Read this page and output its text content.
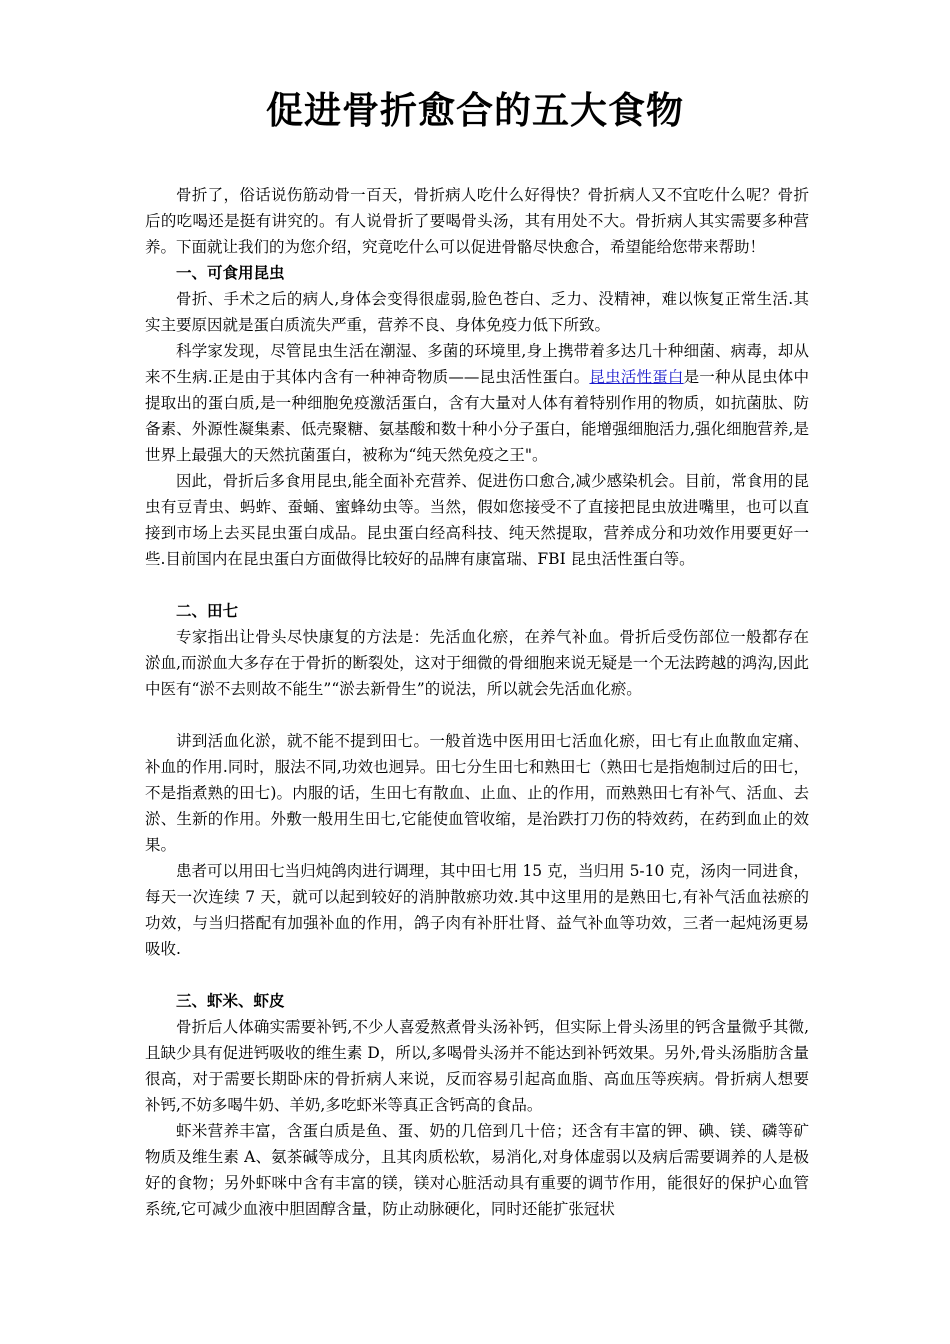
促进骨折愈合的五大食物

骨折了，俗话说伤筋动骨一百天，骨折病人吃什么好得快？骨折病人又不宜吃什么呢？骨折后的吃喝还是挺有讲究的。有人说骨折了要喝骨头汤，其有用处不大。骨折病人其实需要多种营养。下面就让我们的为您介绍，究竟吃什么可以促进骨骼尽快愈合，希望能给您带来帮助！

一、可食用昆虫

骨折、手术之后的病人,身体会变得很虚弱,脸色苍白、乏力、没精神，难以恢复正常生活.其实主要原因就是蛋白质流失严重，营养不良、身体免疫力低下所致。

科学家发现，尽管昆虫生活在潮湿、多菌的环境里,身上携带着多达几十种细菌、病毒，却从来不生病.正是由于其体内含有一种神奇物质——昆虫活性蛋白。昆虫活性蛋白是一种从昆虫体中提取出的蛋白质,是一种细胞免疫激活蛋白，含有大量对人体有着特别作用的物质，如抗菌肽、防备素、外源性凝集素、低壳聚糖、氨基酸和数十种小分子蛋白，能增强细胞活力,强化细胞营养,是世界上最强大的天然抗菌蛋白，被称为“纯天然免疫之王"。

因此，骨折后多食用昆虫,能全面补充营养、促进伤口愈合,减少感染机会。目前，常食用的昆虫有豆青虫、蚂蚱、蚕蛹、蜜蜂幼虫等。当然，假如您接受不了直接把昆虫放进嘴里，也可以直接到市场上去买昆虫蛋白成品。昆虫蛋白经高科技、纯天然提取，营养成分和功效作用要更好一些.目前国内在昆虫蛋白方面做得比较好的品牌有康富瑞、FBI 昆虫活性蛋白等。

二、田七

专家指出让骨头尽快康复的方法是：先活血化瘀，在养气补血。骨折后受伤部位一般都存在淤血,而淤血大多存在于骨折的断裂处，这对于细微的骨细胞来说无疑是一个无法跨越的鸿沟,因此中医有“淤不去则故不能生”“淤去新骨生”的说法，所以就会先活血化瘀。

讲到活血化淤，就不能不提到田七。一般首选中医用田七活血化瘀，田七有止血散血定痛、补血的作用.同时，服法不同,功效也迥异。田七分生田七和熟田七（熟田七是指炮制过后的田七，不是指煮熟的田七)。内服的话，生田七有散血、止血、止的作用，而熟熟田七有补气、活血、去淤、生新的作用。外敷一般用生田七,它能使血管收缩，是治跌打刀伤的特效药，在药到血止的效果。

患者可以用田七当归炖鸽肉进行调理，其中田七用 15 克，当归用 5-10 克，汤肉一同进食，每天一次连续 7 天，就可以起到较好的消肿散瘀功效.其中这里用的是熟田七,有补气活血祛瘀的功效，与当归搭配有加强补血的作用，鸽子肉有补肝壮肾、益气补血等功效，三者一起炖汤更易吸收.

三、虾米、虾皮

骨折后人体确实需要补钙,不少人喜爱熬煮骨头汤补钙，但实际上骨头汤里的钙含量微乎其微,且缺少具有促进钙吸收的维生素 D，所以,多喝骨头汤并不能达到补钙效果。另外,骨头汤脂肪含量很高，对于需要长期卧床的骨折病人来说，反而容易引起高血脂、高血压等疾病。骨折病人想要补钙,不妨多喝牛奶、羊奶,多吃虾米等真正含钙高的食品。

虾米营养丰富，含蛋白质是鱼、蛋、奶的几倍到几十倍；还含有丰富的钾、碘、镁、磷等矿物质及维生素 A、氨茶碱等成分，且其肉质松软，易消化,对身体虚弱以及病后需要调养的人是极好的食物；另外虾咪中含有丰富的镁，镁对心脏活动具有重要的调节作用，能很好的保护心血管系统,它可减少血液中胆固醇含量，防止动脉硬化，同时还能扩张冠状
